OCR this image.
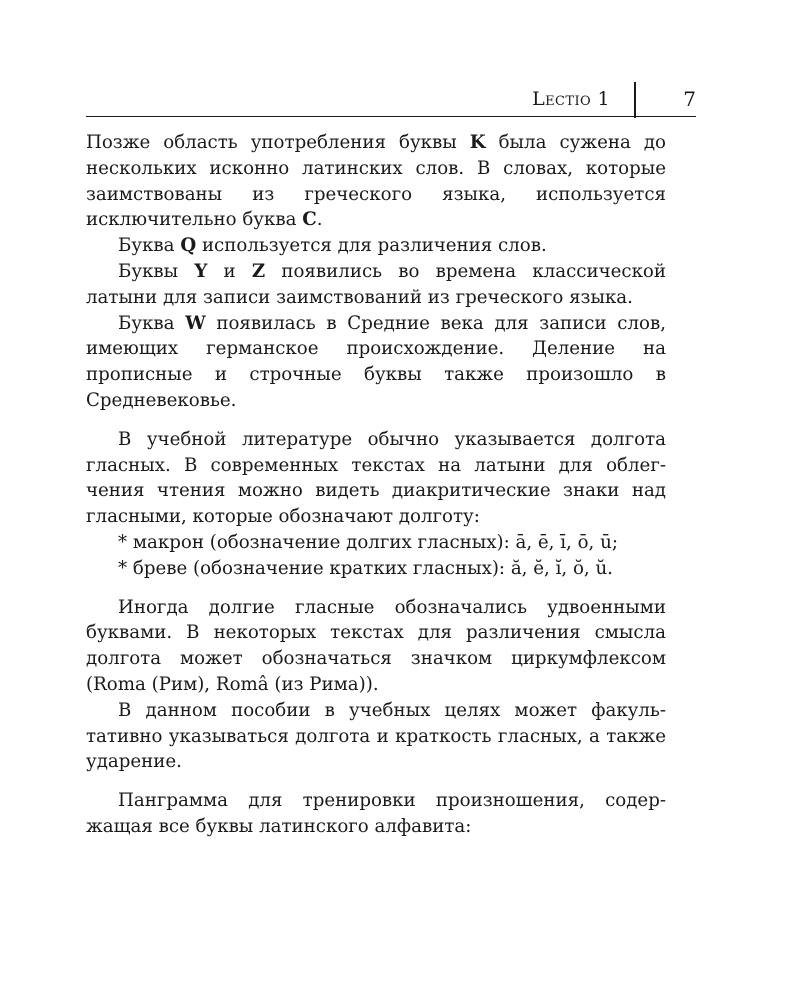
Lectio 1	7

Позже область употребления буквы K была сужена до нескольких исконно латинских слов. В словах, которые заимствованы из греческого языка, используется исключительно буква C.

Буква Q используется для различения слов.

Буквы Y и Z появились во времена классической латыни для записи заимствований из греческого языка.

Буква W появилась в Средние века для записи слов, имеющих германское происхождение. Деление на прописные и строчные буквы также произошло в Средневековье.

В учебной литературе обычно указывается долгота гласных. В современных текстах на латыни для облегчения чтения можно видеть диакритические знаки над гласными, которые обозначают долготу:

* макрон (обозначение долгих гласных): ā, ē, ī, ō, ū;

* бреве (обозначение кратких гласных): ă, ĕ, ĭ, ŏ, ŭ.

Иногда долгие гласные обозначались удвоенными буквами. В некоторых текстах для различения смысла долгота может обозначаться значком циркумфлексом (Roma (Рим), Româ (из Рима)).

В данном пособии в учебных целях может факультативно указываться долгота и краткость гласных, а также ударение.

Панграмма для тренировки произношения, содержащая все буквы латинского алфавита:
